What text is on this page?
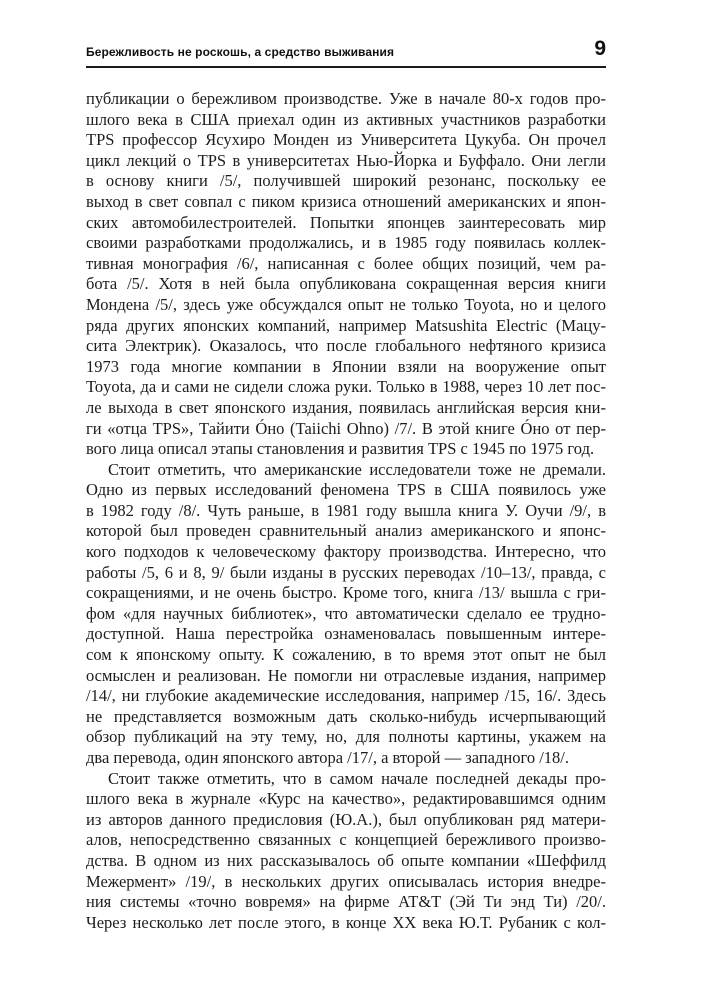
Бережливость не роскошь, а средство выживания	9
публикации о бережливом производстве. Уже в начале 80-х годов про-
шлого века в США приехал один из активных участников разработки
TPS профессор Ясухиро Монден из Университета Цукуба. Он прочел
цикл лекций о TPS в университетах Нью-Йорка и Буффало. Они легли
в основу книги /5/, получившей широкий резонанс, поскольку ее
выход в свет совпал с пиком кризиса отношений американских и япон-
ских автомобилестроителей. Попытки японцев заинтересовать мир
своими разработками продолжались, и в 1985 году появилась коллек-
тивная монография /6/, написанная с более общих позиций, чем ра-
бота /5/. Хотя в ней была опубликована сокращенная версия книги
Мондена /5/, здесь уже обсуждался опыт не только Toyota, но и целого
ряда других японских компаний, например Matsushita Electric (Мацу-
сита Электрик). Оказалось, что после глобального нефтяного кризиса
1973 года многие компании в Японии взяли на вооружение опыт
Toyota, да и сами не сидели сложа руки. Только в 1988, через 10 лет пос-
ле выхода в свет японского издания, появилась английская версия кни-
ги «отца TPS», Тайити Óно (Taiichi Ohno) /7/. В этой книге Óно от пер-
вого лица описал этапы становления и развития TPS с 1945 по 1975 год.
Стоит отметить, что американские исследователи тоже не дремали.
Одно из первых исследований феномена TPS в США появилось уже
в 1982 году /8/. Чуть раньше, в 1981 году вышла книга У. Оучи /9/, в
которой был проведен сравнительный анализ американского и японс-
кого подходов к человеческому фактору производства. Интересно, что
работы /5, 6 и 8, 9/ были изданы в русских переводах /10–13/, правда, с
сокращениями, и не очень быстро. Кроме того, книга /13/ вышла с гри-
фом «для научных библиотек», что автоматически сделало ее трудно-
доступной. Наша перестройка ознаменовалась повышенным интере-
сом к японскому опыту. К сожалению, в то время этот опыт не был
осмыслен и реализован. Не помогли ни отраслевые издания, например
/14/, ни глубокие академические исследования, например /15, 16/. Здесь
не представляется возможным дать сколько-нибудь исчерпывающий
обзор публикаций на эту тему, но, для полноты картины, укажем на
два перевода, один японского автора /17/, а второй — западного /18/.
Стоит также отметить, что в самом начале последней декады про-
шлого века в журнале «Курс на качество», редактировавшимся одним
из авторов данного предисловия (Ю.А.), был опубликован ряд матери-
алов, непосредственно связанных с концепцией бережливого произво-
дства. В одном из них рассказывалось об опыте компании «Шеффилд
Межермент» /19/, в нескольких других описывалась история внедре-
ния системы «точно вовремя» на фирме AT&T (Эй Ти энд Ти) /20/.
Через несколько лет после этого, в конце XX века Ю.Т. Рубаник с кол-
